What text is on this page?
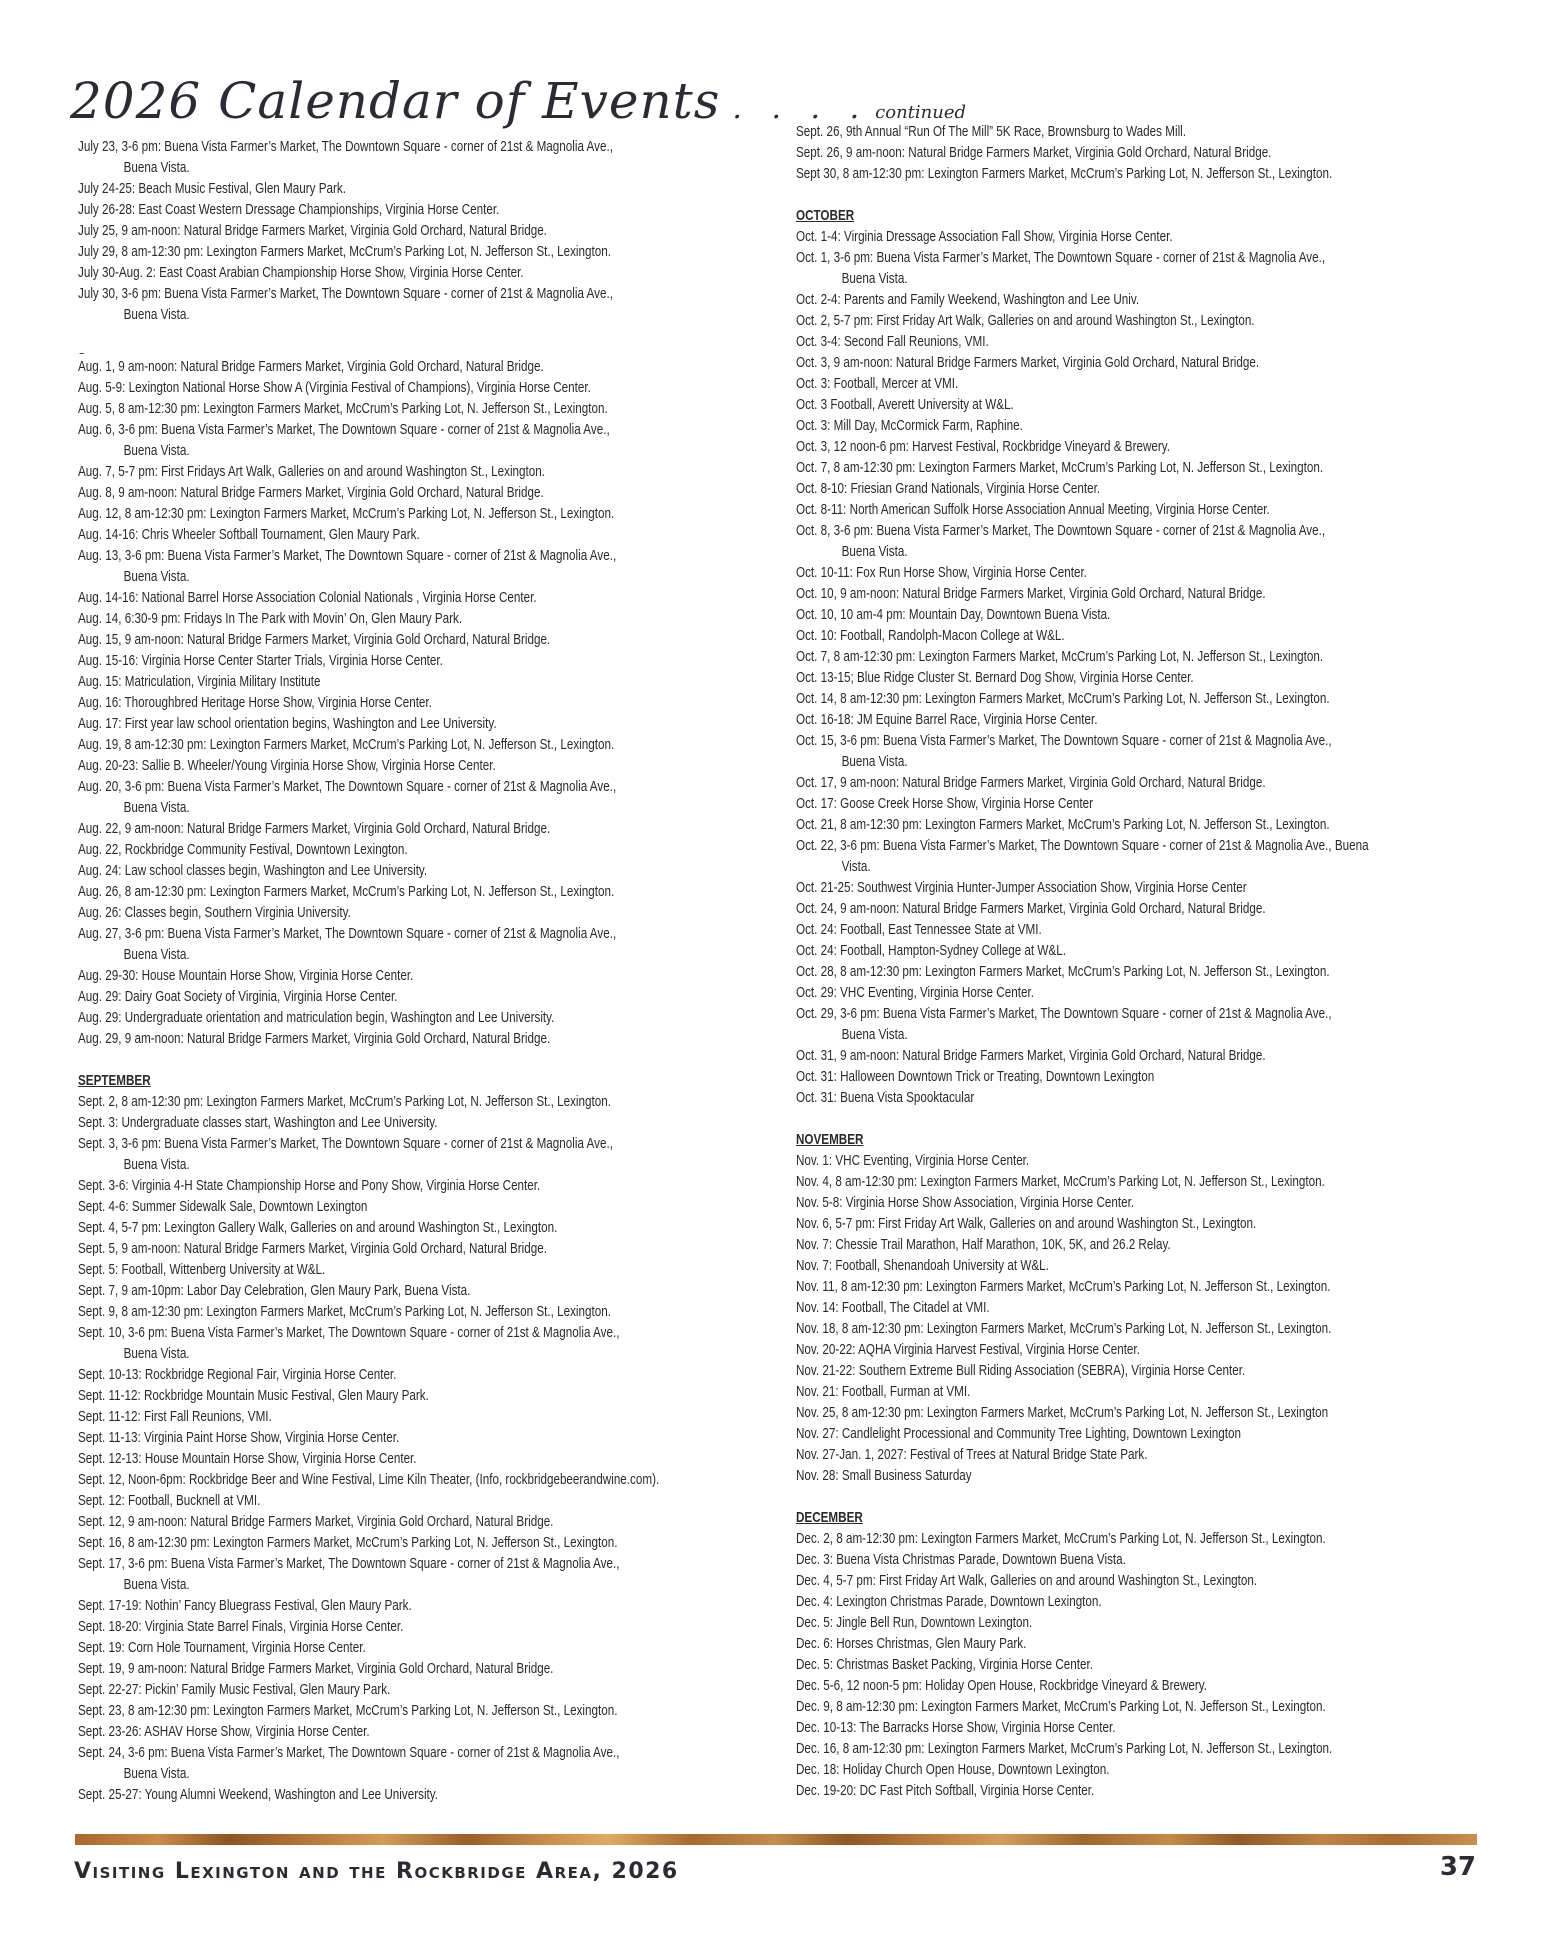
2026 Calendar of Events . . . . continued
July 23, 3-6 pm: Buena Vista Farmer’s Market, The Downtown Square - corner of 21st & Magnolia Ave.,
Buena Vista.
July 24-25: Beach Music Festival, Glen Maury Park.
July 26-28: East Coast Western Dressage Championships, Virginia Horse Center.
July 25, 9 am-noon: Natural Bridge Farmers Market, Virginia Gold Orchard, Natural Bridge.
July 29, 8 am-12:30 pm: Lexington Farmers Market, McCrum’s Parking Lot, N. Jefferson St., Lexington.
July 30-Aug. 2: East Coast Arabian Championship Horse Show, Virginia Horse Center.
July 30, 3-6 pm: Buena Vista Farmer’s Market, The Downtown Square - corner of 21st & Magnolia Ave.,
Buena Vista.
Aug. 1, 9 am-noon: Natural Bridge Farmers Market, Virginia Gold Orchard, Natural Bridge.
Aug. 5-9: Lexington National Horse Show A (Virginia Festival of Champions), Virginia Horse Center.
Aug. 5, 8 am-12:30 pm: Lexington Farmers Market, McCrum’s Parking Lot, N. Jefferson St., Lexington.
Aug. 6, 3-6 pm: Buena Vista Farmer’s Market, The Downtown Square - corner of 21st & Magnolia Ave.,
Buena Vista.
Aug. 7, 5-7 pm: First Fridays Art Walk, Galleries on and around Washington St., Lexington.
Aug. 8, 9 am-noon: Natural Bridge Farmers Market, Virginia Gold Orchard, Natural Bridge.
Aug. 12, 8 am-12:30 pm: Lexington Farmers Market, McCrum’s Parking Lot, N. Jefferson St., Lexington.
Aug. 14-16: Chris Wheeler Softball Tournament, Glen Maury Park.
Aug. 13, 3-6 pm: Buena Vista Farmer’s Market, The Downtown Square - corner of 21st & Magnolia Ave.,
Buena Vista.
Aug. 14-16: National Barrel Horse Association Colonial Nationals , Virginia Horse Center.
Aug. 14, 6:30-9 pm: Fridays In The Park with Movin’ On, Glen Maury Park.
Aug. 15, 9 am-noon: Natural Bridge Farmers Market, Virginia Gold Orchard, Natural Bridge.
Aug. 15-16: Virginia Horse Center Starter Trials, Virginia Horse Center.
Aug. 15: Matriculation, Virginia Military Institute
Aug. 16: Thoroughbred Heritage Horse Show, Virginia Horse Center.
Aug. 17: First year law school orientation begins, Washington and Lee University.
Aug. 19, 8 am-12:30 pm: Lexington Farmers Market, McCrum’s Parking Lot, N. Jefferson St., Lexington.
Aug. 20-23: Sallie B. Wheeler/Young Virginia Horse Show, Virginia Horse Center.
Aug. 20, 3-6 pm: Buena Vista Farmer’s Market, The Downtown Square - corner of 21st & Magnolia Ave.,
Buena Vista.
Aug. 22, 9 am-noon: Natural Bridge Farmers Market, Virginia Gold Orchard, Natural Bridge.
Aug. 22, Rockbridge Community Festival, Downtown Lexington.
Aug. 24: Law school classes begin, Washington and Lee University.
Aug. 26, 8 am-12:30 pm: Lexington Farmers Market, McCrum’s Parking Lot, N. Jefferson St., Lexington.
Aug. 26: Classes begin, Southern Virginia University.
Aug. 27, 3-6 pm: Buena Vista Farmer’s Market, The Downtown Square - corner of 21st & Magnolia Ave.,
Buena Vista.
Aug. 29-30: House Mountain Horse Show, Virginia Horse Center.
Aug. 29: Dairy Goat Society of Virginia, Virginia Horse Center.
Aug. 29: Undergraduate orientation and matriculation begin, Washington and Lee University.
Aug. 29, 9 am-noon: Natural Bridge Farmers Market, Virginia Gold Orchard, Natural Bridge.
SEPTEMBER
Sept. 2, 8 am-12:30 pm: Lexington Farmers Market, McCrum’s Parking Lot, N. Jefferson St., Lexington.
Sept. 3: Undergraduate classes start, Washington and Lee University.
Sept. 3, 3-6 pm: Buena Vista Farmer’s Market, The Downtown Square - corner of 21st & Magnolia Ave.,
Buena Vista.
Sept. 3-6: Virginia 4-H State Championship Horse and Pony Show, Virginia Horse Center.
Sept. 4-6: Summer Sidewalk Sale, Downtown Lexington
Sept. 4, 5-7 pm: Lexington Gallery Walk, Galleries on and around Washington St., Lexington.
Sept. 5, 9 am-noon: Natural Bridge Farmers Market, Virginia Gold Orchard, Natural Bridge.
Sept. 5: Football, Wittenberg University at W&L.
Sept. 7, 9 am-10pm: Labor Day Celebration, Glen Maury Park, Buena Vista.
Sept. 9, 8 am-12:30 pm: Lexington Farmers Market, McCrum’s Parking Lot, N. Jefferson St., Lexington.
Sept. 10, 3-6 pm: Buena Vista Farmer’s Market, The Downtown Square - corner of 21st & Magnolia Ave.,
Buena Vista.
Sept. 10-13: Rockbridge Regional Fair, Virginia Horse Center.
Sept. 11-12: Rockbridge Mountain Music Festival, Glen Maury Park.
Sept. 11-12: First Fall Reunions, VMI.
Sept. 11-13: Virginia Paint Horse Show, Virginia Horse Center.
Sept. 12-13: House Mountain Horse Show, Virginia Horse Center.
Sept. 12, Noon-6pm: Rockbridge Beer and Wine Festival, Lime Kiln Theater, (Info, rockbridgebeerandwine.com).
Sept. 12: Football, Bucknell at VMI.
Sept. 12, 9 am-noon: Natural Bridge Farmers Market, Virginia Gold Orchard, Natural Bridge.
Sept. 16, 8 am-12:30 pm: Lexington Farmers Market, McCrum’s Parking Lot, N. Jefferson St., Lexington.
Sept. 17, 3-6 pm: Buena Vista Farmer’s Market, The Downtown Square - corner of 21st & Magnolia Ave.,
Buena Vista.
Sept. 17-19: Nothin’ Fancy Bluegrass Festival, Glen Maury Park.
Sept. 18-20: Virginia State Barrel Finals, Virginia Horse Center.
Sept. 19: Corn Hole Tournament, Virginia Horse Center.
Sept. 19, 9 am-noon: Natural Bridge Farmers Market, Virginia Gold Orchard, Natural Bridge.
Sept. 22-27: Pickin’ Family Music Festival, Glen Maury Park.
Sept. 23, 8 am-12:30 pm: Lexington Farmers Market, McCrum’s Parking Lot, N. Jefferson St., Lexington.
Sept. 23-26: ASHAV Horse Show, Virginia Horse Center.
Sept. 24, 3-6 pm: Buena Vista Farmer’s Market, The Downtown Square - corner of 21st & Magnolia Ave.,
Buena Vista.
Sept. 25-27: Young Alumni Weekend, Washington and Lee University.
Sept. 26, 9th Annual “Run Of The Mill” 5K Race, Brownsburg to Wades Mill.
Sept. 26, 9 am-noon: Natural Bridge Farmers Market, Virginia Gold Orchard, Natural Bridge.
Sept 30, 8 am-12:30 pm: Lexington Farmers Market, McCrum’s Parking Lot, N. Jefferson St., Lexington.
OCTOBER
Oct. 1-4: Virginia Dressage Association Fall Show, Virginia Horse Center.
Oct. 1, 3-6 pm: Buena Vista Farmer’s Market, The Downtown Square - corner of 21st & Magnolia Ave.,
Buena Vista.
Oct. 2-4: Parents and Family Weekend, Washington and Lee Univ.
Oct. 2, 5-7 pm: First Friday Art Walk, Galleries on and around Washington St., Lexington.
Oct. 3-4: Second Fall Reunions, VMI.
Oct. 3, 9 am-noon: Natural Bridge Farmers Market, Virginia Gold Orchard, Natural Bridge.
Oct. 3: Football, Mercer at VMI.
Oct. 3 Football, Averett University at W&L.
Oct. 3: Mill Day, McCormick Farm, Raphine.
Oct. 3, 12 noon-6 pm: Harvest Festival, Rockbridge Vineyard & Brewery.
Oct. 7, 8 am-12:30 pm: Lexington Farmers Market, McCrum’s Parking Lot, N. Jefferson St., Lexington.
Oct. 8-10: Friesian Grand Nationals, Virginia Horse Center.
Oct. 8-11: North American Suffolk Horse Association Annual Meeting, Virginia Horse Center.
Oct. 8, 3-6 pm: Buena Vista Farmer’s Market, The Downtown Square - corner of 21st & Magnolia Ave.,
Buena Vista.
Oct. 10-11: Fox Run Horse Show, Virginia Horse Center.
Oct. 10, 9 am-noon: Natural Bridge Farmers Market, Virginia Gold Orchard, Natural Bridge.
Oct. 10, 10 am-4 pm: Mountain Day, Downtown Buena Vista.
Oct. 10: Football, Randolph-Macon College at W&L.
Oct. 7, 8 am-12:30 pm: Lexington Farmers Market, McCrum’s Parking Lot, N. Jefferson St., Lexington.
Oct. 13-15; Blue Ridge Cluster St. Bernard Dog Show, Virginia Horse Center.
Oct. 14, 8 am-12:30 pm: Lexington Farmers Market, McCrum’s Parking Lot, N. Jefferson St., Lexington.
Oct. 16-18: JM Equine Barrel Race, Virginia Horse Center.
Oct. 15, 3-6 pm: Buena Vista Farmer’s Market, The Downtown Square - corner of 21st & Magnolia Ave.,
Buena Vista.
Oct. 17, 9 am-noon: Natural Bridge Farmers Market, Virginia Gold Orchard, Natural Bridge.
Oct. 17: Goose Creek Horse Show, Virginia Horse Center
Oct. 21, 8 am-12:30 pm: Lexington Farmers Market, McCrum’s Parking Lot, N. Jefferson St., Lexington.
Oct. 22, 3-6 pm: Buena Vista Farmer’s Market, The Downtown Square - corner of 21st & Magnolia Ave., Buena
Vista.
Oct. 21-25: Southwest Virginia Hunter-Jumper Association Show, Virginia Horse Center
Oct. 24, 9 am-noon: Natural Bridge Farmers Market, Virginia Gold Orchard, Natural Bridge.
Oct. 24: Football, East Tennessee State at VMI.
Oct. 24: Football, Hampton-Sydney College at W&L.
Oct. 28, 8 am-12:30 pm: Lexington Farmers Market, McCrum’s Parking Lot, N. Jefferson St., Lexington.
Oct. 29: VHC Eventing, Virginia Horse Center.
Oct. 29, 3-6 pm: Buena Vista Farmer’s Market, The Downtown Square - corner of 21st & Magnolia Ave.,
Buena Vista.
Oct. 31, 9 am-noon: Natural Bridge Farmers Market, Virginia Gold Orchard, Natural Bridge.
Oct. 31: Halloween Downtown Trick or Treating, Downtown Lexington
Oct. 31: Buena Vista Spooktacular
NOVEMBER
Nov. 1: VHC Eventing, Virginia Horse Center.
Nov. 4, 8 am-12:30 pm: Lexington Farmers Market, McCrum’s Parking Lot, N. Jefferson St., Lexington.
Nov. 5-8: Virginia Horse Show Association, Virginia Horse Center.
Nov. 6, 5-7 pm: First Friday Art Walk, Galleries on and around Washington St., Lexington.
Nov. 7: Chessie Trail Marathon, Half Marathon, 10K, 5K, and 26.2 Relay.
Nov. 7: Football, Shenandoah University at W&L.
Nov. 11, 8 am-12:30 pm: Lexington Farmers Market, McCrum’s Parking Lot, N. Jefferson St., Lexington.
Nov. 14: Football, The Citadel at VMI.
Nov. 18, 8 am-12:30 pm: Lexington Farmers Market, McCrum’s Parking Lot, N. Jefferson St., Lexington.
Nov. 20-22: AQHA Virginia Harvest Festival, Virginia Horse Center.
Nov. 21-22: Southern Extreme Bull Riding Association (SEBRA), Virginia Horse Center.
Nov. 21: Football, Furman at VMI.
Nov. 25, 8 am-12:30 pm: Lexington Farmers Market, McCrum’s Parking Lot, N. Jefferson St., Lexington
Nov. 27: Candlelight Processional and Community Tree Lighting, Downtown Lexington
Nov. 27-Jan. 1, 2027: Festival of Trees at Natural Bridge State Park.
Nov. 28: Small Business Saturday
DECEMBER
Dec. 2, 8 am-12:30 pm: Lexington Farmers Market, McCrum’s Parking Lot, N. Jefferson St., Lexington.
Dec. 3: Buena Vista Christmas Parade, Downtown Buena Vista.
Dec. 4, 5-7 pm: First Friday Art Walk, Galleries on and around Washington St., Lexington.
Dec. 4: Lexington Christmas Parade, Downtown Lexington.
Dec. 5: Jingle Bell Run, Downtown Lexington.
Dec. 6: Horses Christmas, Glen Maury Park.
Dec. 5: Christmas Basket Packing, Virginia Horse Center.
Dec. 5-6, 12 noon-5 pm: Holiday Open House, Rockbridge Vineyard & Brewery.
Dec. 9, 8 am-12:30 pm: Lexington Farmers Market, McCrum’s Parking Lot, N. Jefferson St., Lexington.
Dec. 10-13: The Barracks Horse Show, Virginia Horse Center.
Dec. 16, 8 am-12:30 pm: Lexington Farmers Market, McCrum’s Parking Lot, N. Jefferson St., Lexington.
Dec. 18: Holiday Church Open House, Downtown Lexington.
Dec. 19-20: DC Fast Pitch Softball, Virginia Horse Center.
Visiting Lexington and the Rockbridge Area, 2026	37
